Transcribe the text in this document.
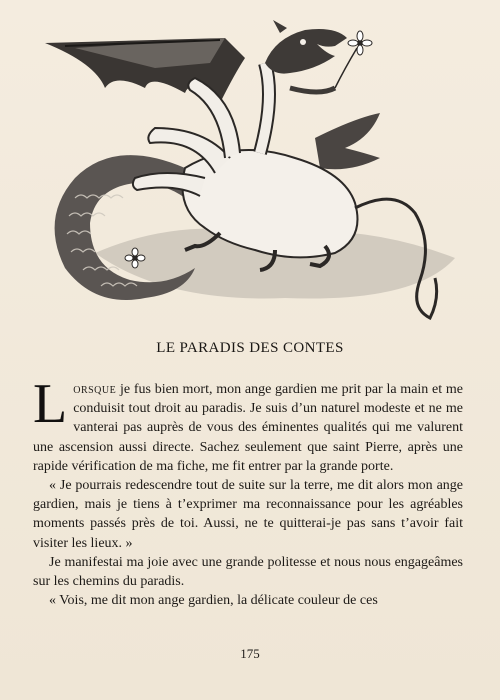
LE PARADIS DES CONTES

Lorsque je fus bien mort, mon ange gardien me prit par la main et me conduisit tout droit au paradis. Je suis d’un naturel modeste et ne me vanterai pas auprès de vous des éminentes qualités qui me valurent une ascension aussi directe. Sachez seulement que saint Pierre, après une rapide vérification de ma fiche, me fit entrer par la grande porte.

« Je pourrais redescendre tout de suite sur la terre, me dit alors mon ange gardien, mais je tiens à t’exprimer ma reconnaissance pour les agréables moments passés près de toi. Aussi, ne te quitterai-je pas sans t’avoir fait visiter les lieux. »

Je manifestai ma joie avec une grande politesse et nous nous engageâmes sur les chemins du paradis.

« Vois, me dit mon ange gardien, la délicate couleur de ces

175
